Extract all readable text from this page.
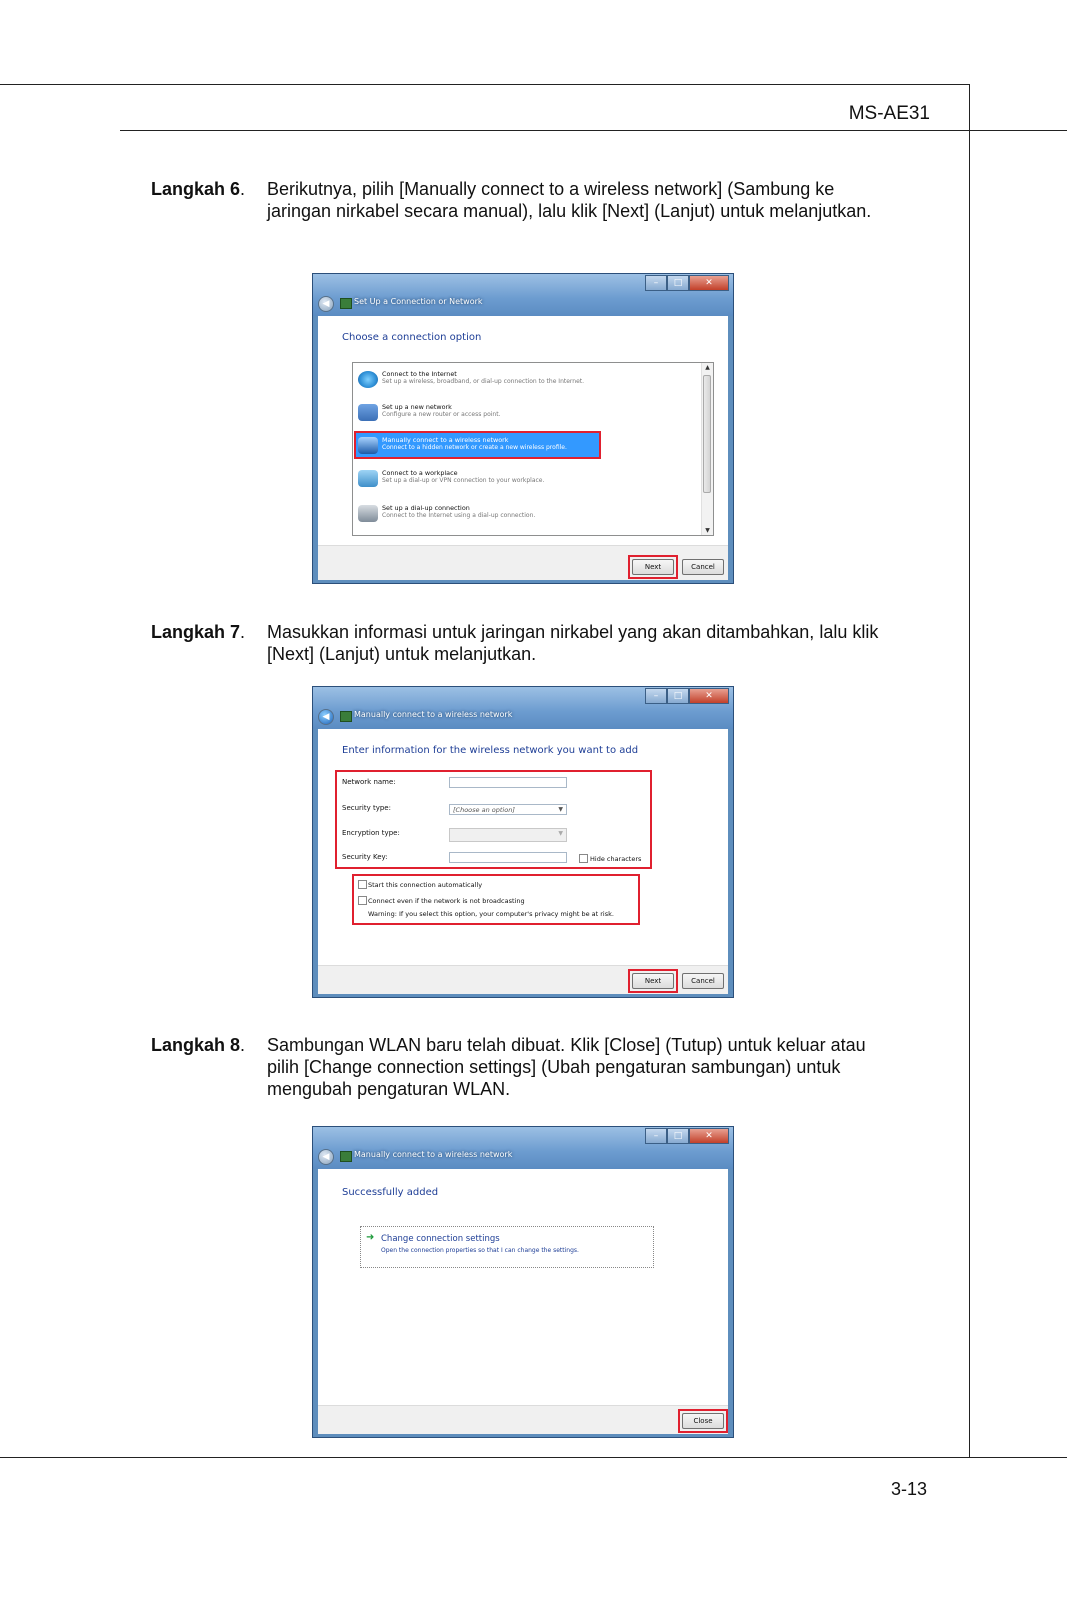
MS-AE31
Langkah 6. Berikutnya, pilih [Manually connect to a wireless network] (Sambung ke jaringan nirkabel secara manual), lalu klik [Next] (Lanjut) untuk melanjutkan.
◀	Set Up a Connection or Network
–	□	✕
Choose a connection option
Connect to the Internet
Set up a wireless, broadband, or dial-up connection to the Internet.
Set up a new network
Configure a new router or access point.
Manually connect to a wireless network
Connect to a hidden network or create a new wireless profile.
Connect to a workplace
Set up a dial-up or VPN connection to your workplace.
Set up a dial-up connection
Connect to the Internet using a dial-up connection.
▲
▼
Next	Cancel
Langkah 7. Masukkan informasi untuk jaringan nirkabel yang akan ditambahkan, lalu klik [Next] (Lanjut) untuk melanjutkan.
◀	Manually connect to a wireless network
–	□	✕
Enter information for the wireless network you want to add
Network name:
Security type:	[Choose an option]	▼
Encryption type:	▼
Security Key:	Hide characters
Start this connection automatically
Connect even if the network is not broadcasting
Warning: If you select this option, your computer's privacy might be at risk.
Next	Cancel
Langkah 8. Sambungan WLAN baru telah dibuat. Klik [Close] (Tutup) untuk keluar atau pilih [Change connection settings] (Ubah pengaturan sambungan) untuk mengubah pengaturan WLAN.
◀	Manually connect to a wireless network
–	□	✕
Successfully added
➜ Change connection settings
Open the connection properties so that I can change the settings.
Close
3-13
